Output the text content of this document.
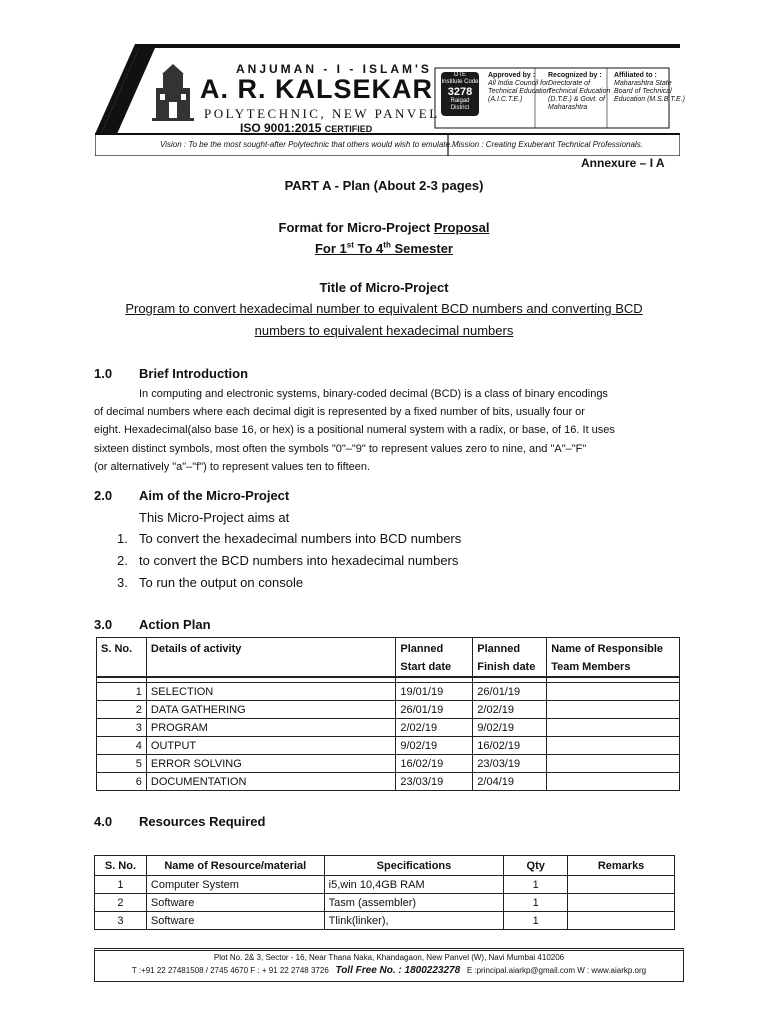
ANJUMAN - I - ISLAM'S
A. R. KALSEKAR
POLYTECHNIC, NEW PANVEL
ISO 9001:2015 CERTIFIED
DTE
Institute Code
3278
Raigad District
Approved by :
All India Council for
Technical Education
(A.I.C.T.E.)
Recognized by :
Directorate of
Technical Education
(D.T.E.) & Govt. of
Maharashtra
Affiliated to :
Maharashtra State
Board of Technical
Education (M.S.B.T.E.)
Vision : To be the most sought-after Polytechnic that others would wish to emulate. Mission : Creating Exuberant Technical Professionals.
Annexure – I A
PART A - Plan (About 2-3 pages)
Format for Micro-Project Proposal
For 1st To 4th Semester
Title of Micro-Project
Program to convert hexadecimal number to equivalent BCD numbers and converting BCD
numbers to equivalent hexadecimal numbers
1.0 Brief Introduction
In computing and electronic systems, binary-coded decimal (BCD) is a class of binary encodings
of decimal numbers where each decimal digit is represented by a fixed number of bits, usually four or
eight. Hexadecimal(also base 16, or hex) is a positional numeral system with a radix, or base, of 16. It uses
sixteen distinct symbols, most often the symbols "0"–"9" to represent values zero to nine, and "A"–"F"
(or alternatively "a"–"f") to represent values ten to fifteen.
2.0 Aim of the Micro-Project
This Micro-Project aims at
1. To convert the hexadecimal numbers into BCD numbers
2. to convert the BCD numbers into hexadecimal numbers
3. To run the output on console
3.0 Action Plan
S. No.	Details of activity	Planned Start date	Planned Finish date	Name of Responsible Team Members

1	SELECTION	19/01/19	26/01/19	
2	DATA GATHERING	26/01/19	2/02/19	
3	PROGRAM	2/02/19	9/02/19	
4	OUTPUT	9/02/19	16/02/19	
5	ERROR SOLVING	16/02/19	23/03/19	
6	DOCUMENTATION	23/03/19	2/04/19	
4.0 Resources Required
S. No.	Name of Resource/material	Specifications	Qty	Remarks
1	Computer System	i5,win 10,4GB RAM	1	
2	Software	Tasm (assembler)	1	
3	Software	Tlink(linker),	1	
Plot No. 2& 3, Sector - 16, Near Thana Naka, Khandagaon, New Panvel (W), Navi Mumbai 410206
T :+91 22 27481508 / 2745 4670 F : + 91 22 2748 3726 Toll Free No. : 1800223278 E :principal.aiarkp@gmail.com W : www.aiarkp.org
